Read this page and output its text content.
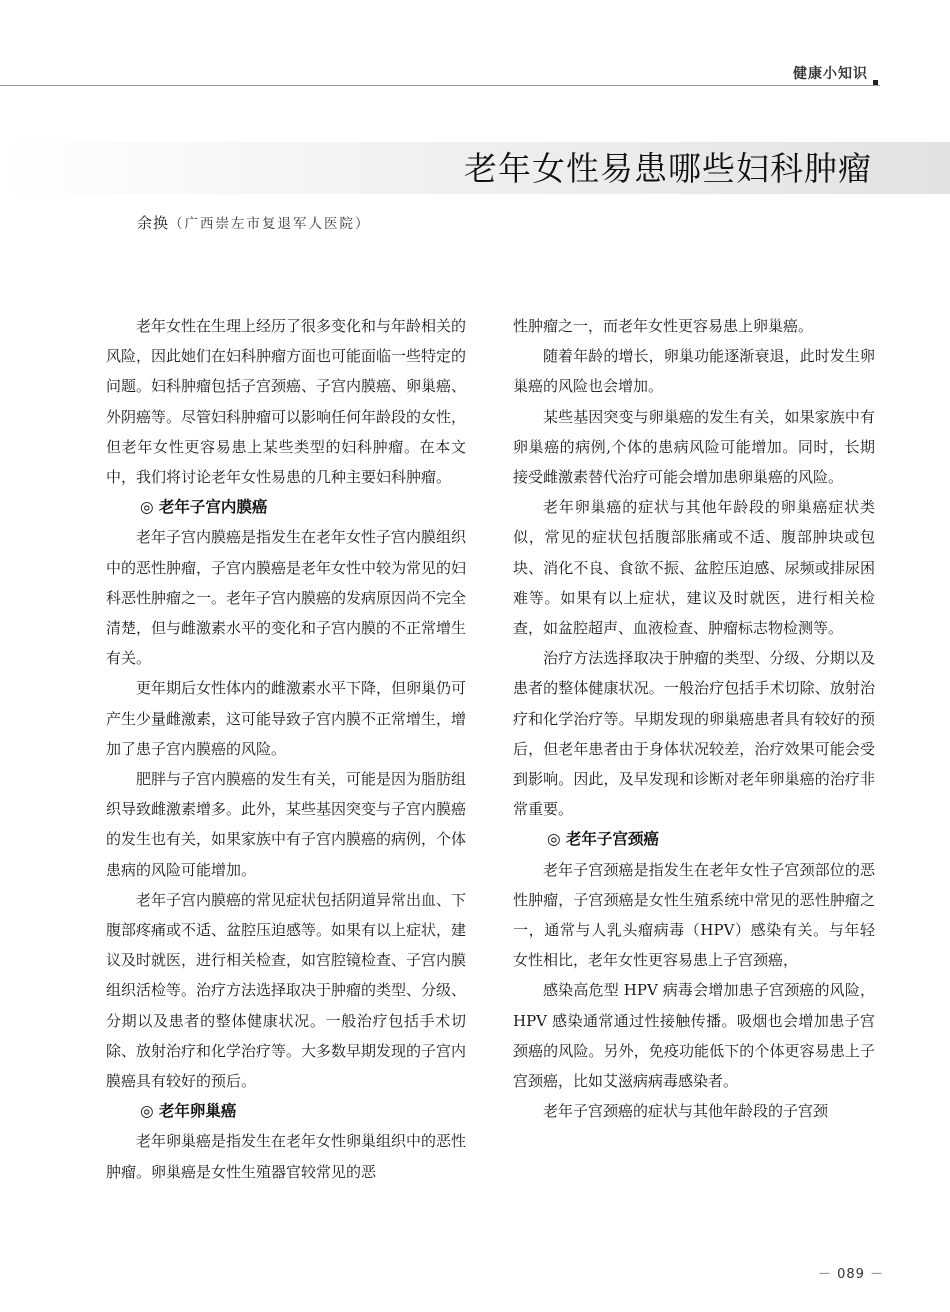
健康小知识
老年女性易患哪些妇科肿瘤
余换（广西崇左市复退军人医院）

老年女性在生理上经历了很多变化和与年龄相关的风险，因此她们在妇科肿瘤方面也可能面临一些特定的问题。妇科肿瘤包括子宫颈癌、子宫内膜癌、卵巢癌、外阴癌等。尽管妇科肿瘤可以影响任何年龄段的女性，但老年女性更容易患上某些类型的妇科肿瘤。在本文中，我们将讨论老年女性易患的几种主要妇科肿瘤。

◎ 老年子宫内膜癌

老年子宫内膜癌是指发生在老年女性子宫内膜组织中的恶性肿瘤，子宫内膜癌是老年女性中较为常见的妇科恶性肿瘤之一。老年子宫内膜癌的发病原因尚不完全清楚，但与雌激素水平的变化和子宫内膜的不正常增生有关。

更年期后女性体内的雌激素水平下降，但卵巢仍可产生少量雌激素，这可能导致子宫内膜不正常增生，增加了患子宫内膜癌的风险。

肥胖与子宫内膜癌的发生有关，可能是因为脂肪组织导致雌激素增多。此外，某些基因突变与子宫内膜癌的发生也有关，如果家族中有子宫内膜癌的病例，个体患病的风险可能增加。

老年子宫内膜癌的常见症状包括阴道异常出血、下腹部疼痛或不适、盆腔压迫感等。如果有以上症状，建议及时就医，进行相关检查，如宫腔镜检查、子宫内膜组织活检等。治疗方法选择取决于肿瘤的类型、分级、分期以及患者的整体健康状况。一般治疗包括手术切除、放射治疗和化学治疗等。大多数早期发现的子宫内膜癌具有较好的预后。

◎ 老年卵巢癌

老年卵巢癌是指发生在老年女性卵巢组织中的恶性肿瘤。卵巢癌是女性生殖器官较常见的恶

性肿瘤之一，而老年女性更容易患上卵巢癌。

随着年龄的增长，卵巢功能逐渐衰退，此时发生卵巢癌的风险也会增加。

某些基因突变与卵巢癌的发生有关，如果家族中有卵巢癌的病例,个体的患病风险可能增加。同时，长期接受雌激素替代治疗可能会增加患卵巢癌的风险。

老年卵巢癌的症状与其他年龄段的卵巢癌症状类似，常见的症状包括腹部胀痛或不适、腹部肿块或包块、消化不良、食欲不振、盆腔压迫感、尿频或排尿困难等。如果有以上症状，建议及时就医，进行相关检查，如盆腔超声、血液检查、肿瘤标志物检测等。

治疗方法选择取决于肿瘤的类型、分级、分期以及患者的整体健康状况。一般治疗包括手术切除、放射治疗和化学治疗等。早期发现的卵巢癌患者具有较好的预后，但老年患者由于身体状况较差，治疗效果可能会受到影响。因此，及早发现和诊断对老年卵巢癌的治疗非常重要。

◎ 老年子宫颈癌

老年子宫颈癌是指发生在老年女性子宫颈部位的恶性肿瘤，子宫颈癌是女性生殖系统中常见的恶性肿瘤之一，通常与人乳头瘤病毒（HPV）感染有关。与年轻女性相比，老年女性更容易患上子宫颈癌，

感染高危型 HPV 病毒会增加患子宫颈癌的风险，HPV 感染通常通过性接触传播。吸烟也会增加患子宫颈癌的风险。另外，免疫功能低下的个体更容易患上子宫颈癌，比如艾滋病病毒感染者。

老年子宫颈癌的症状与其他年龄段的子宫颈

－ 089 －
